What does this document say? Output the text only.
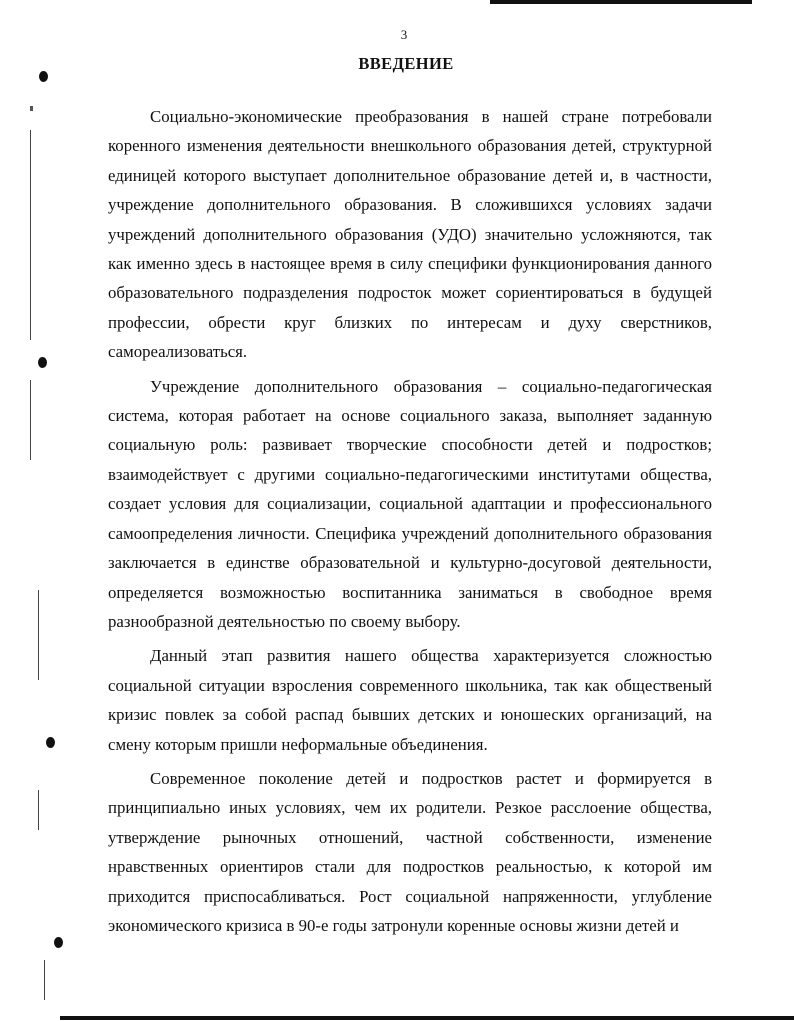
3
ВВЕДЕНИЕ

Социально-экономические преобразования в нашей стране потребовали коренного изменения деятельности внешкольного образования детей, структурной единицей которого выступает дополнительное образование детей и, в частности, учреждение дополнительного образования. В сложившихся условиях задачи учреждений дополнительного образования (УДО) значительно усложняются, так как именно здесь в настоящее время в силу специфики функционирования данного образовательного подразделения подросток может сориентироваться в будущей профессии, обрести круг близких по интересам и духу сверстников, самореализоваться.

Учреждение дополнительного образования – социально-педагогическая система, которая работает на основе социального заказа, выполняет заданную социальную роль: развивает творческие способности детей и подростков; взаимодействует с другими социально-педагогическими институтами общества, создает условия для социализации, социальной адаптации и профессионального самоопределения личности. Специфика учреждений дополнительного образования заключается в единстве образовательной и культурно-досуговой деятельности, определяется возможностью воспитанника заниматься в свободное время разнообразной деятельностью по своему выбору.

Данный этап развития нашего общества характеризуется сложностью социальной ситуации взросления современного школьника, так как общественый кризис повлек за собой распад бывших детских и юношеских организаций, на смену которым пришли неформальные объединения.

Современное поколение детей и подростков растет и формируется в принципиально иных условиях, чем их родители. Резкое расслоение общества, утверждение рыночных отношений, частной собственности, изменение нравственных ориентиров стали для подростков реальностью, к которой им приходится приспосабливаться. Рост социальной напряженности, углубление экономического кризиса в 90-е годы затронули коренные основы жизни детей и
